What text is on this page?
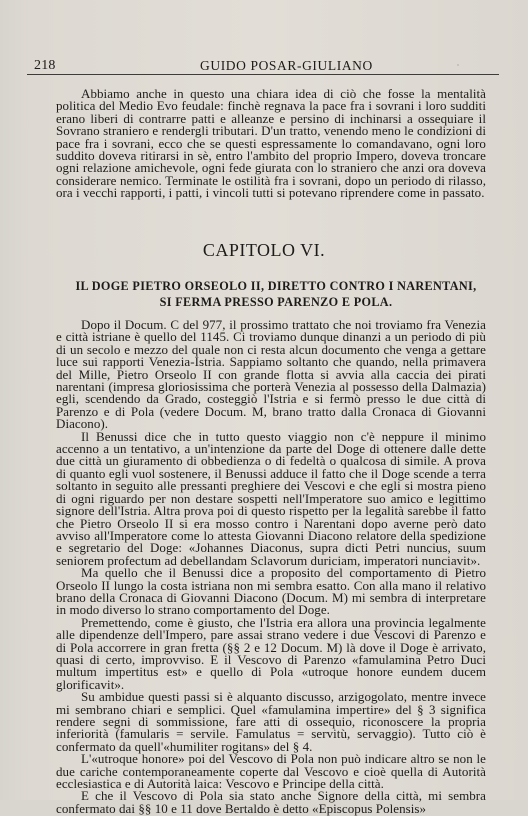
218	GUIDO POSAR-GIULIANO

Abbiamo anche in questo una chiara idea di ciò che fosse la mentalità politica del Medio Evo feudale: finchè regnava la pace fra i sovrani i loro sudditi erano liberi di contrarre patti e alleanze e persino di inchinarsi a ossequiare il Sovrano straniero e rendergli tributari. D'un tratto, venendo meno le condizioni di pace fra i sovrani, ecco che se questi espressamente lo comandavano, ogni loro suddito doveva ritirarsi in sè, entro l'ambito del proprio Impero, doveva troncare ogni relazione amichevole, ogni fede giurata con lo straniero che anzi ora doveva considerare nemico. Terminate le ostilità fra i sovrani, dopo un periodo di rilasso, ora i vecchi rapporti, i patti, i vincoli tutti si potevano riprendere come in passato.

CAPITOLO VI.
IL DOGE PIETRO ORSEOLO II, DIRETTO CONTRO I NARENTANI, SI FERMA PRESSO PARENZO E POLA.

Dopo il Docum. C del 977, il prossimo trattato che noi troviamo fra Venezia e città istriane è quello del 1145. Ci troviamo dunque dinanzi a un periodo di più di un secolo e mezzo del quale non ci resta alcun documento che venga a gettare luce sui rapporti Venezia-Istria. Sappiamo soltanto che quando, nella primavera del Mille, Pietro Orseolo II con grande flotta si avvia alla caccia dei pirati narentani (impresa gloriosissima che porterà Venezia al possesso della Dalmazia) egli, scendendo da Grado, costeggiò l'Istria e si fermò presso le due città di Parenzo e di Pola (vedere Docum. M, brano tratto dalla Cronaca di Giovanni Diacono).

Il Benussi dice che in tutto questo viaggio non c'è neppure il minimo accenno a un tentativo, a un'intenzione da parte del Doge di ottenere dalle dette due città un giuramento di obbedienza o di fedeltà o qualcosa di simile. A prova di quanto egli vuol sostenere, il Benussi adduce il fatto che il Doge scende a terra soltanto in seguito alle pressanti preghiere dei Vescovi e che egli si mostra pieno di ogni riguardo per non destare sospetti nell'Imperatore suo amico e legittimo signore dell'Istria. Altra prova poi di questo rispetto per la legalità sarebbe il fatto che Pietro Orseolo II si era mosso contro i Narentani dopo averne però dato avviso all'Imperatore come lo attesta Giovanni Diacono relatore della spedizione e segretario del Doge: «Johannes Diaconus, supra dicti Petri nuncius, suum seniorem profectum ad debellandam Sclavorum duriciam, imperatori nunciavit».

Ma quello che il Benussi dice a proposito del comportamento di Pietro Orseolo II lungo la costa istriana non mi sembra esatto. Con alla mano il relativo brano della Cronaca di Giovanni Diacono (Docum. M) mi sembra di interpretare in modo diverso lo strano comportamento del Doge.

Premettendo, come è giusto, che l'Istria era allora una provincia legalmente alle dipendenze dell'Impero, pare assai strano vedere i due Vescovi di Parenzo e di Pola accorrere in gran fretta (§§ 2 e 12 Docum. M) là dove il Doge è arrivato, quasi di certo, improvviso. E il Vescovo di Parenzo «famulamina Petro Duci multum impertitus est» e quello di Pola «utroque honore eundem ducem glorificavit».

Su ambidue questi passi si è alquanto discusso, arzigogolato, mentre invece mi sembrano chiari e semplici. Quel «famulamina impertire» del § 3 significa rendere segni di sommissione, fare atti di ossequio, riconoscere la propria inferiorità (famularis = servile. Famulatus = servitù, servaggio). Tutto ciò è confermato da quell'«humiliter rogitans» del § 4.

L'«utroque honore» poi del Vescovo di Pola non può indicare altro se non le due cariche contemporaneamente coperte dal Vescovo e cioè quella di Autorità ecclesiastica e di Autorità laica: Vescovo e Principe della città.

E che il Vescovo di Pola sia stato anche Signore della città, mi sembra confermato dai §§ 10 e 11 dove Bertaldo è detto «Episcopus Polensis»
